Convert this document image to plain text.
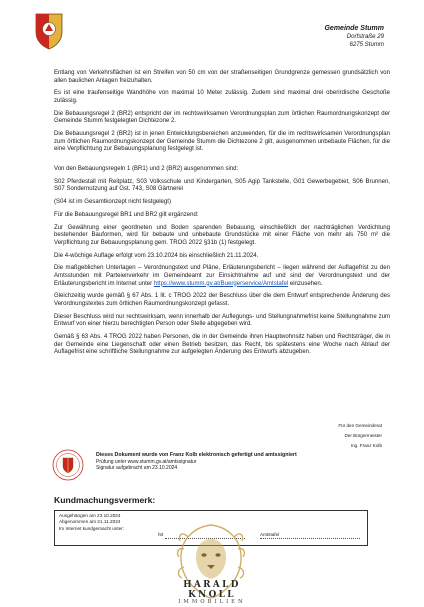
Gemeinde Stumm
Dorfstraße 29
6275 Stumm

Entlang von Verkehrsflächen ist ein Streifen von 50 cm von der straßenseitigen Grundgrenze gemessen grundsätzlich von allen baulichen Anlagen freizuhalten.

Es ist eine traufenseitige Wandhöhe von maximal 10 Meter zulässig. Zudem sind maximal drei oberirdische Geschoße zulässig.

Die Bebauungsregel 2 (BR2) entspricht der im rechtswirksamen Verordnungsplan zum örtlichen Raumordnungskonzept der Gemeinde Stumm festgelegten Dichtezone 2.

Die Bebauungsregel 2 (BR2) ist in jenen Entwicklungsbereichen anzuwenden, für die im rechtswirksamen Verordnungsplan zum örtlichen Raumordnungskonzept der Gemeinde Stumm die Dichtezone 2 gilt, ausgenommen unbebaute Flächen, für die eine Verpflichtung zur Bebauungsplanung festgelegt ist.

Von den Bebauungsregeln 1 (BR1) und 2 (BR2) ausgenommen sind:

S02 Pferdestall mit Reitplatz, S03 Volksschule und Kindergarten, S05 Agip Tankstelle, G01 Gewerbegebiet, S06 Brunnen, S07 Sondernutzung auf Gst. 743, S08 Gärtnerei

(S04 ist im Gesamtkonzept nicht festgelegt)

Für die Bebauungsregel BR1 und BR2 gilt ergänzend:

Zur Gewährung einer geordneten und Boden sparenden Bebauung, einschließlich der nachträglichen Verdichtung bestehender Bauformen, wird für bebaute und unbebaute Grundstücke mit einer Fläche von mehr als 750 m² die Verpflichtung zur Bebauungsplanung gem. TROG 2022 §31b (1) festgelegt.

Die 4-wöchige Auflage erfolgt vom 23.10.2024 bis einschließlich 21.11.2024.

Die maßgeblichen Unterlagen – Verordnungstext und Pläne, Erläuterungsbericht – liegen während der Auflagefrist zu den Amtsstunden mit Parteienverkehr im Gemeindeamt zur Einsichtnahme auf und sind der Verordnungstext und der Erläuterungsbericht im Internet unter https://www.stumm.gv.at/Buergerservice/Amtstafel einzusehen.

Gleichzeitig wurde gemäß § 67 Abs. 1 lit. c TROG 2022 der Beschluss über die dem Entwurf entsprechende Änderung des Verordnungstextes zum örtlichen Raumordnungskonzept gefasst.

Dieser Beschluss wird nur rechtswirksam, wenn innerhalb der Auflegungs- und Stellungnahmefrist keine Stellungnahme zum Entwurf von einer hierzu berechtigten Person oder Stelle abgegeben wird.

Gemäß § 63 Abs. 4 TROG 2022 haben Personen, die in der Gemeinde ihren Hauptwohnsitz haben und Rechtsträger, die in der Gemeinde eine Liegenschaft oder einen Betrieb besitzen, das Recht, bis spätestens eine Woche nach Ablauf der Auflagefrist eine schriftliche Stellungnahme zur aufgelegten Änderung des Entwurfs abzugeben.

Für den Gemeinderat
Der Bürgermeister
Ing. Franz Kolb
Dieses Dokument wurde von Franz Kolb elektronisch gefertigt und amtssigniert
Prüfung unter www.stumm.gv.at/amtssignatur
Signatur aufgebracht am 23.10.2024
Kundmachungsvermerk:
Ausgehängen am 23.10.2024
Abgenommen am 21.11.2024
Im Internet kundgemacht unter:
htt	Amtstafel
HARALD KNOLL
IMMOBILIEN
